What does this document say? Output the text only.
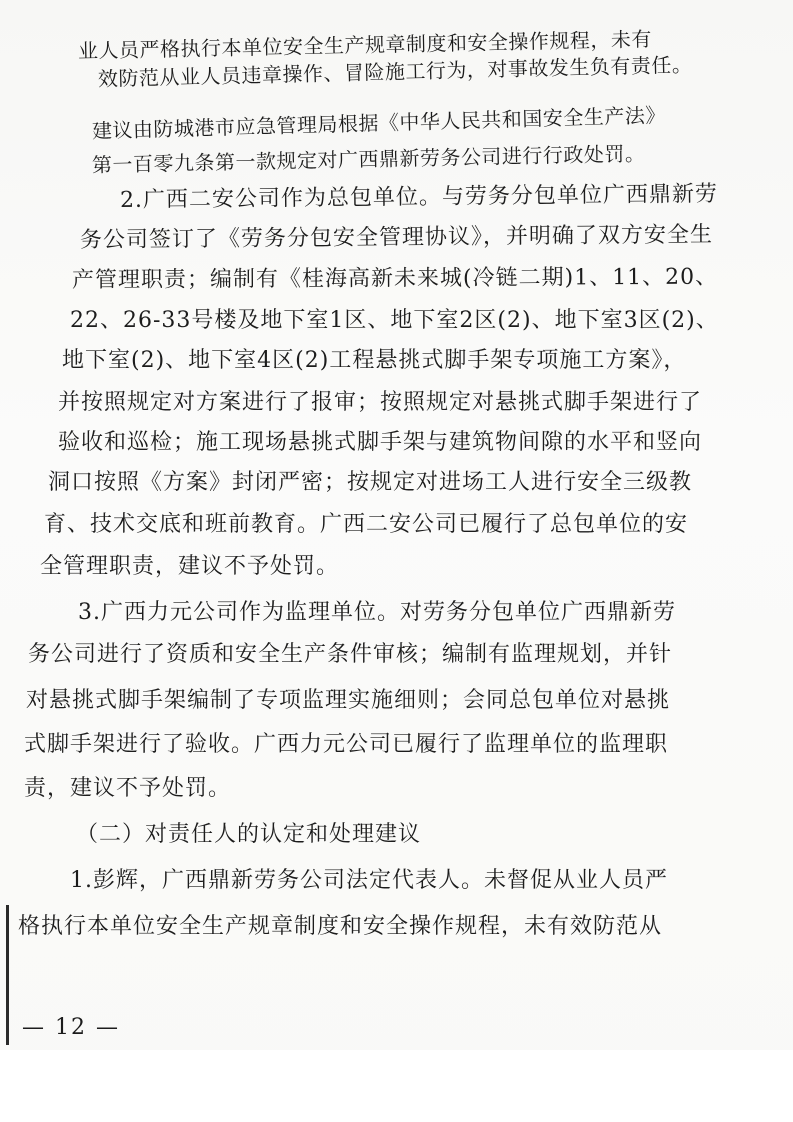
业人员严格执行本单位安全生产规章制度和安全操作规程，未有
效防范从业人员违章操作、冒险施工行为，对事故发生负有责任。
建议由防城港市应急管理局根据《中华人民共和国安全生产法》
第一百零九条第一款规定对广西鼎新劳务公司进行行政处罚。
2.广西二安公司作为总包单位。与劳务分包单位广西鼎新劳
务公司签订了《劳务分包安全管理协议》，并明确了双方安全生
产管理职责；编制有《桂海高新未来城(冷链二期)1、11、20、
22、26-33号楼及地下室1区、地下室2区(2)、地下室3区(2)、
地下室(2)、地下室4区(2)工程悬挑式脚手架专项施工方案》，
并按照规定对方案进行了报审；按照规定对悬挑式脚手架进行了
验收和巡检；施工现场悬挑式脚手架与建筑物间隙的水平和竖向
洞口按照《方案》封闭严密；按规定对进场工人进行安全三级教
育、技术交底和班前教育。广西二安公司已履行了总包单位的安
全管理职责，建议不予处罚。
3.广西力元公司作为监理单位。对劳务分包单位广西鼎新劳
务公司进行了资质和安全生产条件审核；编制有监理规划，并针
对悬挑式脚手架编制了专项监理实施细则；会同总包单位对悬挑
式脚手架进行了验收。广西力元公司已履行了监理单位的监理职
责，建议不予处罚。
（二）对责任人的认定和处理建议
1.彭辉，广西鼎新劳务公司法定代表人。未督促从业人员严
格执行本单位安全生产规章制度和安全操作规程，未有效防范从
— 12 —
